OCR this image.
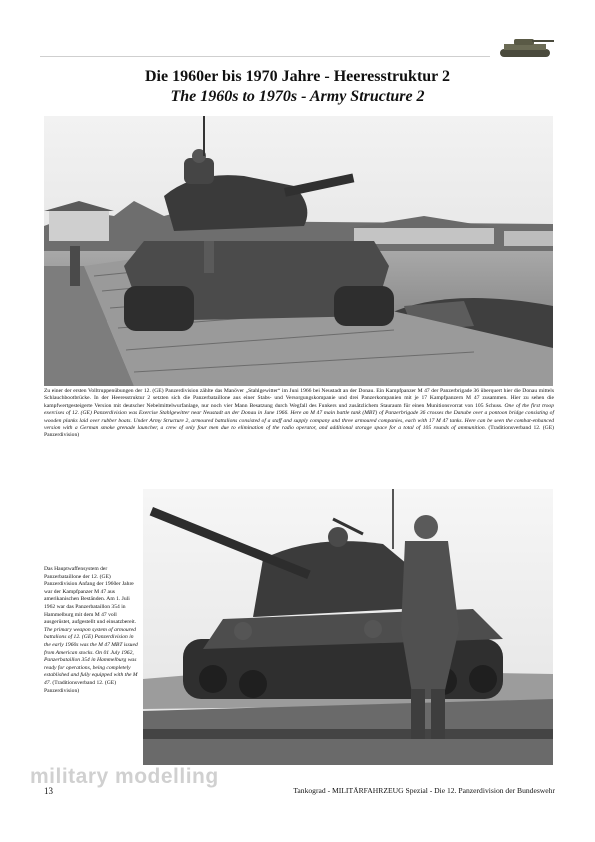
Die 1960er bis 1970 Jahre - Heeresstruktur 2
The 1960s to 1970s - Army Structure 2
Zu einer der ersten Volltruppenübungen der 12. (GE) Panzerdivision zählte das Manöver „Stahlgewitter“ im Juni 1966 bei Neustadt an der Donau. Ein Kampfpanzer M 47 der Panzerbrigade 36 überquert hier die Donau mittels Schlauchbootbrücke. In der Heeresstruktur 2 setzten sich die Panzerbataillone aus einer Stabs- und Versorgungskompanie und drei Panzerkompanien mit je 17 Kampfpanzern M 47 zusammen. Hier zu sehen die kampfwertgesteigerte Version mit deutscher Nebelmittelwurfanlage, nur noch vier Mann Besatzung durch Wegfall des Funkers und zusätzlichem Stauraum für einen Munitionsvorrat von 105 Schuss. One of the first troop exercises of 12. (GE) Panzerdivision was Exercise Stahlgewitter near Neustadt an der Donau in June 1966. Here an M 47 main battle tank (MBT) of Panzerbrigade 36 crosses the Danube over a pontoon bridge consisting of wooden planks laid over rubber boats. Under Army Structure 2, armoured battalions consisted of a staff and supply company and three armoured companies, each with 17 M 47 tanks. Here can be seen the combat-enhanced version with a German smoke grenade launcher, a crew of only four men due to elimination of the radio operator, and additional storage space for a total of 105 rounds of ammunition. (Traditionsverband 12. (GE) Panzerdivision)
Das Hauptwaffensystem der Panzerbataillone der 12. (GE) Panzerdivision Anfang der 1960er Jahre war der Kampfpanzer M 47 aus amerikanischen Beständen. Am 1. Juli 1962 war das Panzerbataillon 354 in Hammelburg mit dem M 47 voll ausgerüstet, aufgestellt und einsatzbereit. The primary weapon system of armoured battalions of 12. (GE) Panzerdivision in the early 1960s was the M 47 MBT issued from American stocks. On 01 July 1962, Panzerbataillon 354 in Hammelburg was ready for operations, being completely established and fully equipped with the M 47. (Traditionsverband 12. (GE) Panzerdivision)
military modelling
13	Tankograd - MILITÄRFAHRZEUG Spezial - Die 12. Panzerdivision der Bundeswehr
